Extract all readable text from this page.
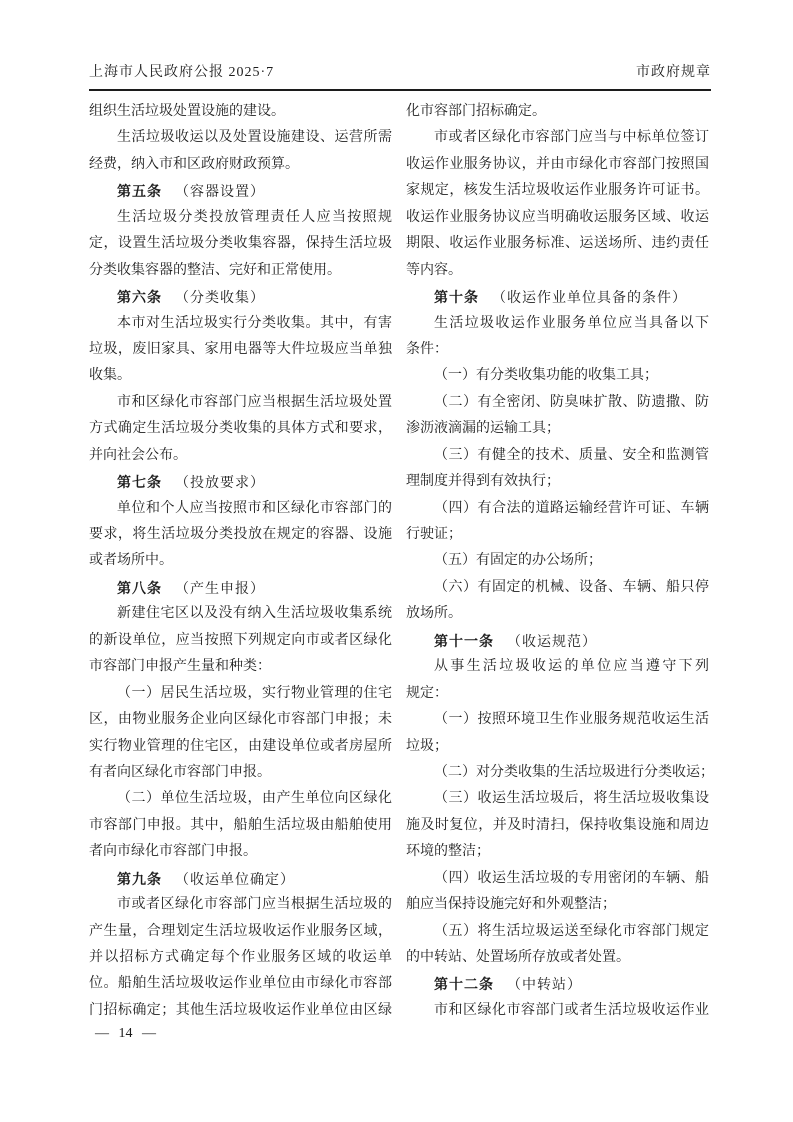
上海市人民政府公报 2025·7	市政府规章
组织生活垃圾处置设施的建设。
生活垃圾收运以及处置设施建设、运营所需
经费，纳入市和区政府财政预算。
第五条 （容器设置）
生活垃圾分类投放管理责任人应当按照规
定，设置生活垃圾分类收集容器，保持生活垃圾
分类收集容器的整洁、完好和正常使用。
第六条 （分类收集）
本市对生活垃圾实行分类收集。其中，有害
垃圾，废旧家具、家用电器等大件垃圾应当单独
收集。
市和区绿化市容部门应当根据生活垃圾处置
方式确定生活垃圾分类收集的具体方式和要求，
并向社会公布。
第七条 （投放要求）
单位和个人应当按照市和区绿化市容部门的
要求，将生活垃圾分类投放在规定的容器、设施
或者场所中。
第八条 （产生申报）
新建住宅区以及没有纳入生活垃圾收集系统
的新设单位，应当按照下列规定向市或者区绿化
市容部门申报产生量和种类：
（一）居民生活垃圾，实行物业管理的住宅
区，由物业服务企业向区绿化市容部门申报；未
实行物业管理的住宅区，由建设单位或者房屋所
有者向区绿化市容部门申报。
（二）单位生活垃圾，由产生单位向区绿化
市容部门申报。其中，船舶生活垃圾由船舶使用
者向市绿化市容部门申报。
第九条 （收运单位确定）
市或者区绿化市容部门应当根据生活垃圾的
产生量，合理划定生活垃圾收运作业服务区域，
并以招标方式确定每个作业服务区域的收运单
位。船舶生活垃圾收运作业单位由市绿化市容部
门招标确定；其他生活垃圾收运作业单位由区绿
化市容部门招标确定。
市或者区绿化市容部门应当与中标单位签订
收运作业服务协议，并由市绿化市容部门按照国
家规定，核发生活垃圾收运作业服务许可证书。
收运作业服务协议应当明确收运服务区域、收运
期限、收运作业服务标准、运送场所、违约责任
等内容。
第十条 （收运作业单位具备的条件）
生活垃圾收运作业服务单位应当具备以下
条件：
（一）有分类收集功能的收集工具；
（二）有全密闭、防臭味扩散、防遗撒、防
渗沥液滴漏的运输工具；
（三）有健全的技术、质量、安全和监测管
理制度并得到有效执行；
（四）有合法的道路运输经营许可证、车辆
行驶证；
（五）有固定的办公场所；
（六）有固定的机械、设备、车辆、船只停
放场所。
第十一条 （收运规范）
从事生活垃圾收运的单位应当遵守下列
规定：
（一）按照环境卫生作业服务规范收运生活
垃圾；
（二）对分类收集的生活垃圾进行分类收运；
（三）收运生活垃圾后，将生活垃圾收集设
施及时复位，并及时清扫，保持收集设施和周边
环境的整洁；
（四）收运生活垃圾的专用密闭的车辆、船
舶应当保持设施完好和外观整洁；
（五）将生活垃圾运送至绿化市容部门规定
的中转站、处置场所存放或者处置。
第十二条 （中转站）
市和区绿化市容部门或者生活垃圾收运作业
— 14 —
